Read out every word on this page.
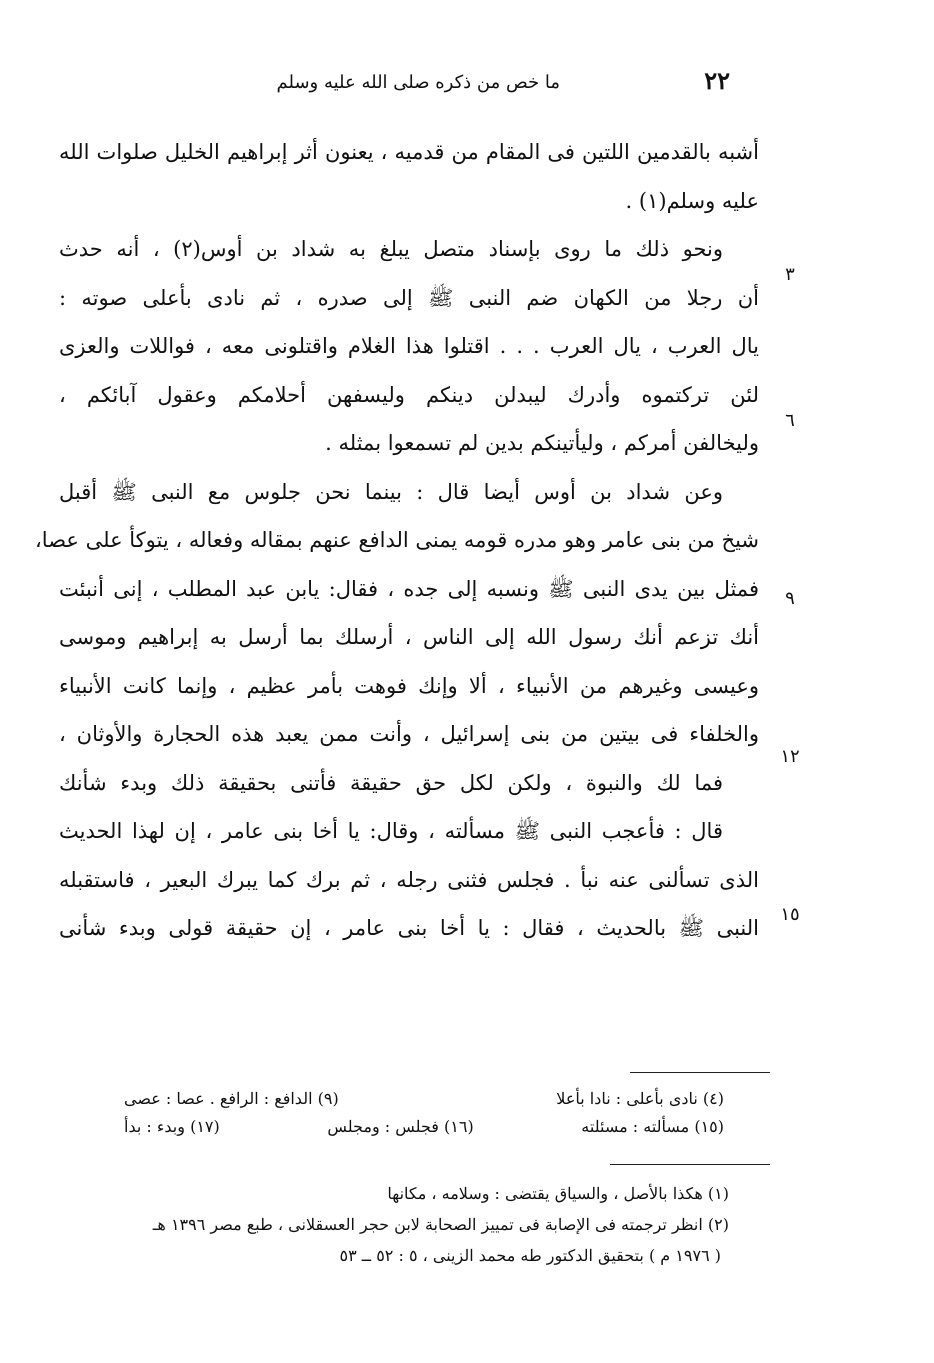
٢٢
ما خص من ذكره صلى الله عليه وسلم
أشبه بالقدمين اللتين فى المقام من قدميه ، يعنون أثر إبراهيم الخليل صلوات الله
عليه وسلم(١) .
ونحو ذلك ما روى بإسناد متصل يبلغ به شداد بن أوس(٢) ، أنه حدث
أن رجلا من الكهان ضم النبى ﷺ إلى صدره ، ثم نادى بأعلى صوته :
يال العرب ، يال العرب . . . اقتلوا هذا الغلام واقتلونى معه ، فواللات والعزى
لئن تركتموه وأدرك ليبدلن دينكم وليسفهن أحلامكم وعقول آبائكم ،
وليخالفن أمركم ، وليأتينكم بدين لم تسمعوا بمثله .
وعن شداد بن أوس أيضا قال : بينما نحن جلوس مع النبى ﷺ أقبل
شيخ من بنى عامر وهو مدره قومه يمنى الدافع عنهم بمقاله وفعاله ، يتوكأ على عصا،
فمثل بين يدى النبى ﷺ ونسبه إلى جده ، فقال: يابن عبد المطلب ، إنى أنبئت
أنك تزعم أنك رسول الله إلى الناس ، أرسلك بما أرسل به إبراهيم وموسى
وعيسى وغيرهم من الأنبياء ، ألا وإنك فوهت بأمر عظيم ، وإنما كانت الأنبياء
والخلفاء فى بيتين من بنى إسرائيل ، وأنت ممن يعبد هذه الحجارة والأوثان ،
فما لك والنبوة ، ولكن لكل حق حقيقة فأتنى بحقيقة ذلك وبدء شأنك
قال : فأعجب النبى ﷺ مسألته ، وقال: يا أخا بنى عامر ، إن لهذا الحديث
الذى تسألنى عنه نبأ . فجلس فثنى رجله ، ثم برك كما يبرك البعير ، فاستقبله
النبى ﷺ بالحديث ، فقال : يا أخا بنى عامر ، إن حقيقة قولى وبدء شأنى
٣
٦
٩
١٢
١٥
(٤) نادى بأعلى : نادا بأعلا
(٩) الدافع : الرافع . عصا : عصى
(١٥) مسألته : مسئلته
(١٦) فجلس : ومجلس
(١٧) وبدء : بدأ
(١) هكذا بالأصل ، والسياق يقتضى : وسلامه ، مكانها
(٢) انظر ترجمته فى الإصابة فى تمييز الصحابة لابن حجر العسقلانى ، طبع مصر ١٣٩٦ هـ
( ١٩٧٦ م ) بتحقيق الدكتور طه محمد الزينى ، ٥ : ٥٢ ــ ٥٣
